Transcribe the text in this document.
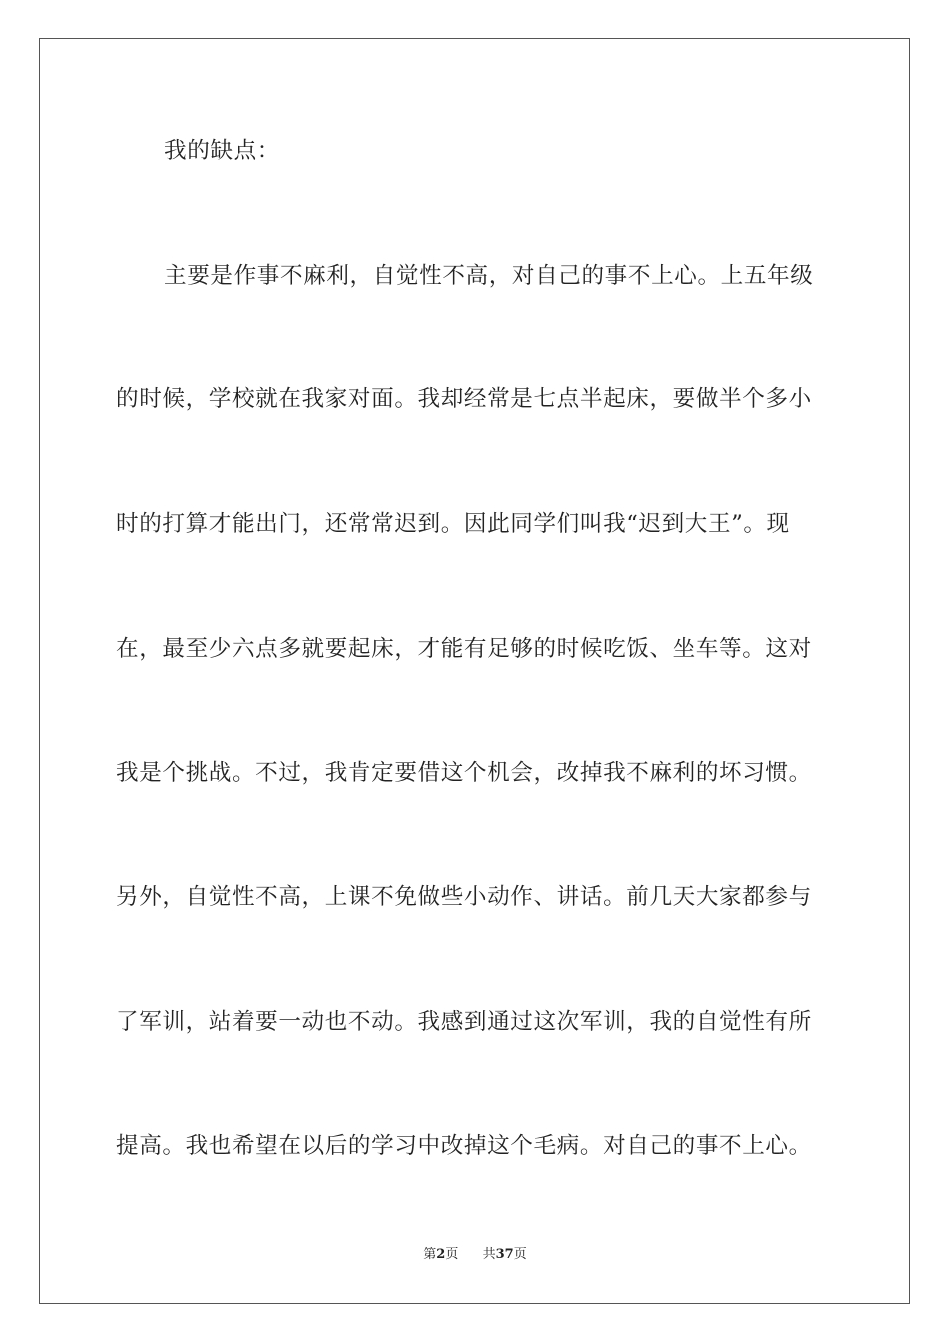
我的缺点：
主要是作事不麻利，自觉性不高，对自己的事不上心。上五年级
的时候，学校就在我家对面。我却经常是七点半起床，要做半个多小
时的打算才能出门，还常常迟到。因此同学们叫我“迟到大王”。现
在，最至少六点多就要起床，才能有足够的时候吃饭、坐车等。这对
我是个挑战。不过，我肯定要借这个机会，改掉我不麻利的坏习惯。
另外，自觉性不高，上课不免做些小动作、讲话。前几天大家都参与
了军训，站着要一动也不动。我感到通过这次军训，我的自觉性有所
提高。我也希望在以后的学习中改掉这个毛病。对自己的事不上心。
第2页 共37页
